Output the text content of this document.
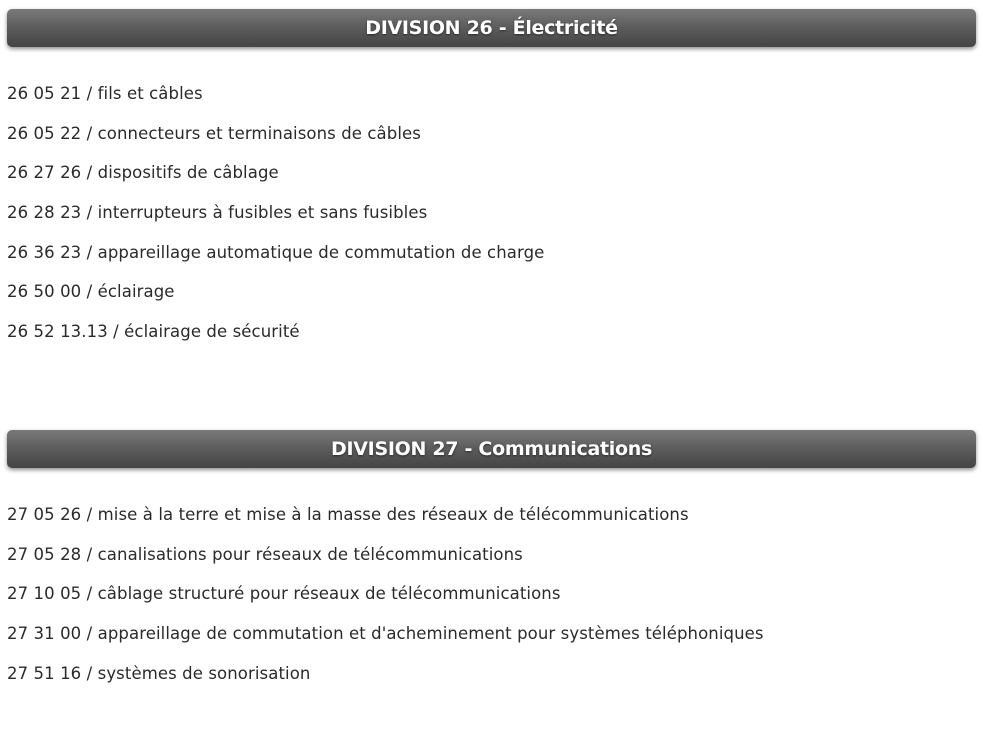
DIVISION 26 - Électricité
26 05 21 / fils et câbles
26 05 22 / connecteurs et terminaisons de câbles
26 27 26 / dispositifs de câblage
26 28 23 / interrupteurs à fusibles et sans fusibles
26 36 23 / appareillage automatique de commutation de charge
26 50 00 / éclairage
26 52 13.13 / éclairage de sécurité
DIVISION 27 - Communications
27 05 26 / mise à la terre et mise à la masse des réseaux de télécommunications
27 05 28 / canalisations pour réseaux de télécommunications
27 10 05 / câblage structuré pour réseaux de télécommunications
27 31 00 / appareillage de commutation et d'acheminement pour systèmes téléphoniques
27 51 16 / systèmes de sonorisation
